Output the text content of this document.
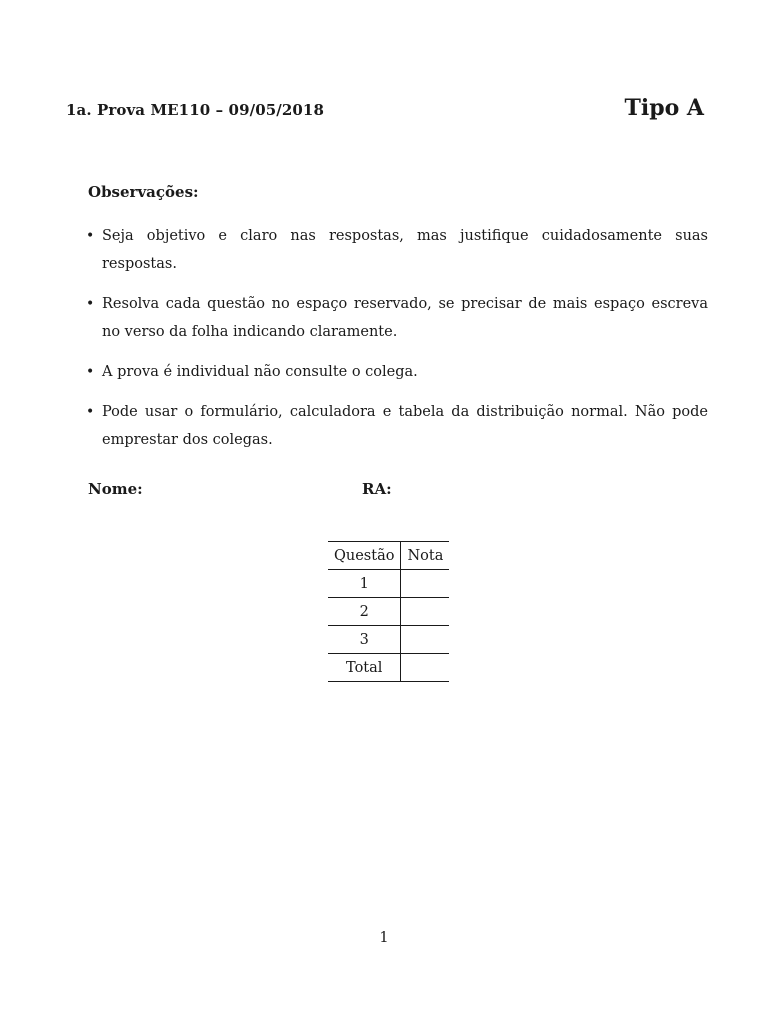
1a. Prova ME110 – 09/05/2018	Tipo A
Observações:
• Seja objetivo e claro nas respostas, mas justifique cuidadosamente suas respostas.
• Resolva cada questão no espaço reservado, se precisar de mais espaço escreva no verso da folha indicando claramente.
• A prova é individual não consulte o colega.
• Pode usar o formulário, calculadora e tabela da distribuição normal. Não pode emprestar dos colegas.
Nome:	RA:
Questão	Nota
1	
2	
3	
Total	
1
